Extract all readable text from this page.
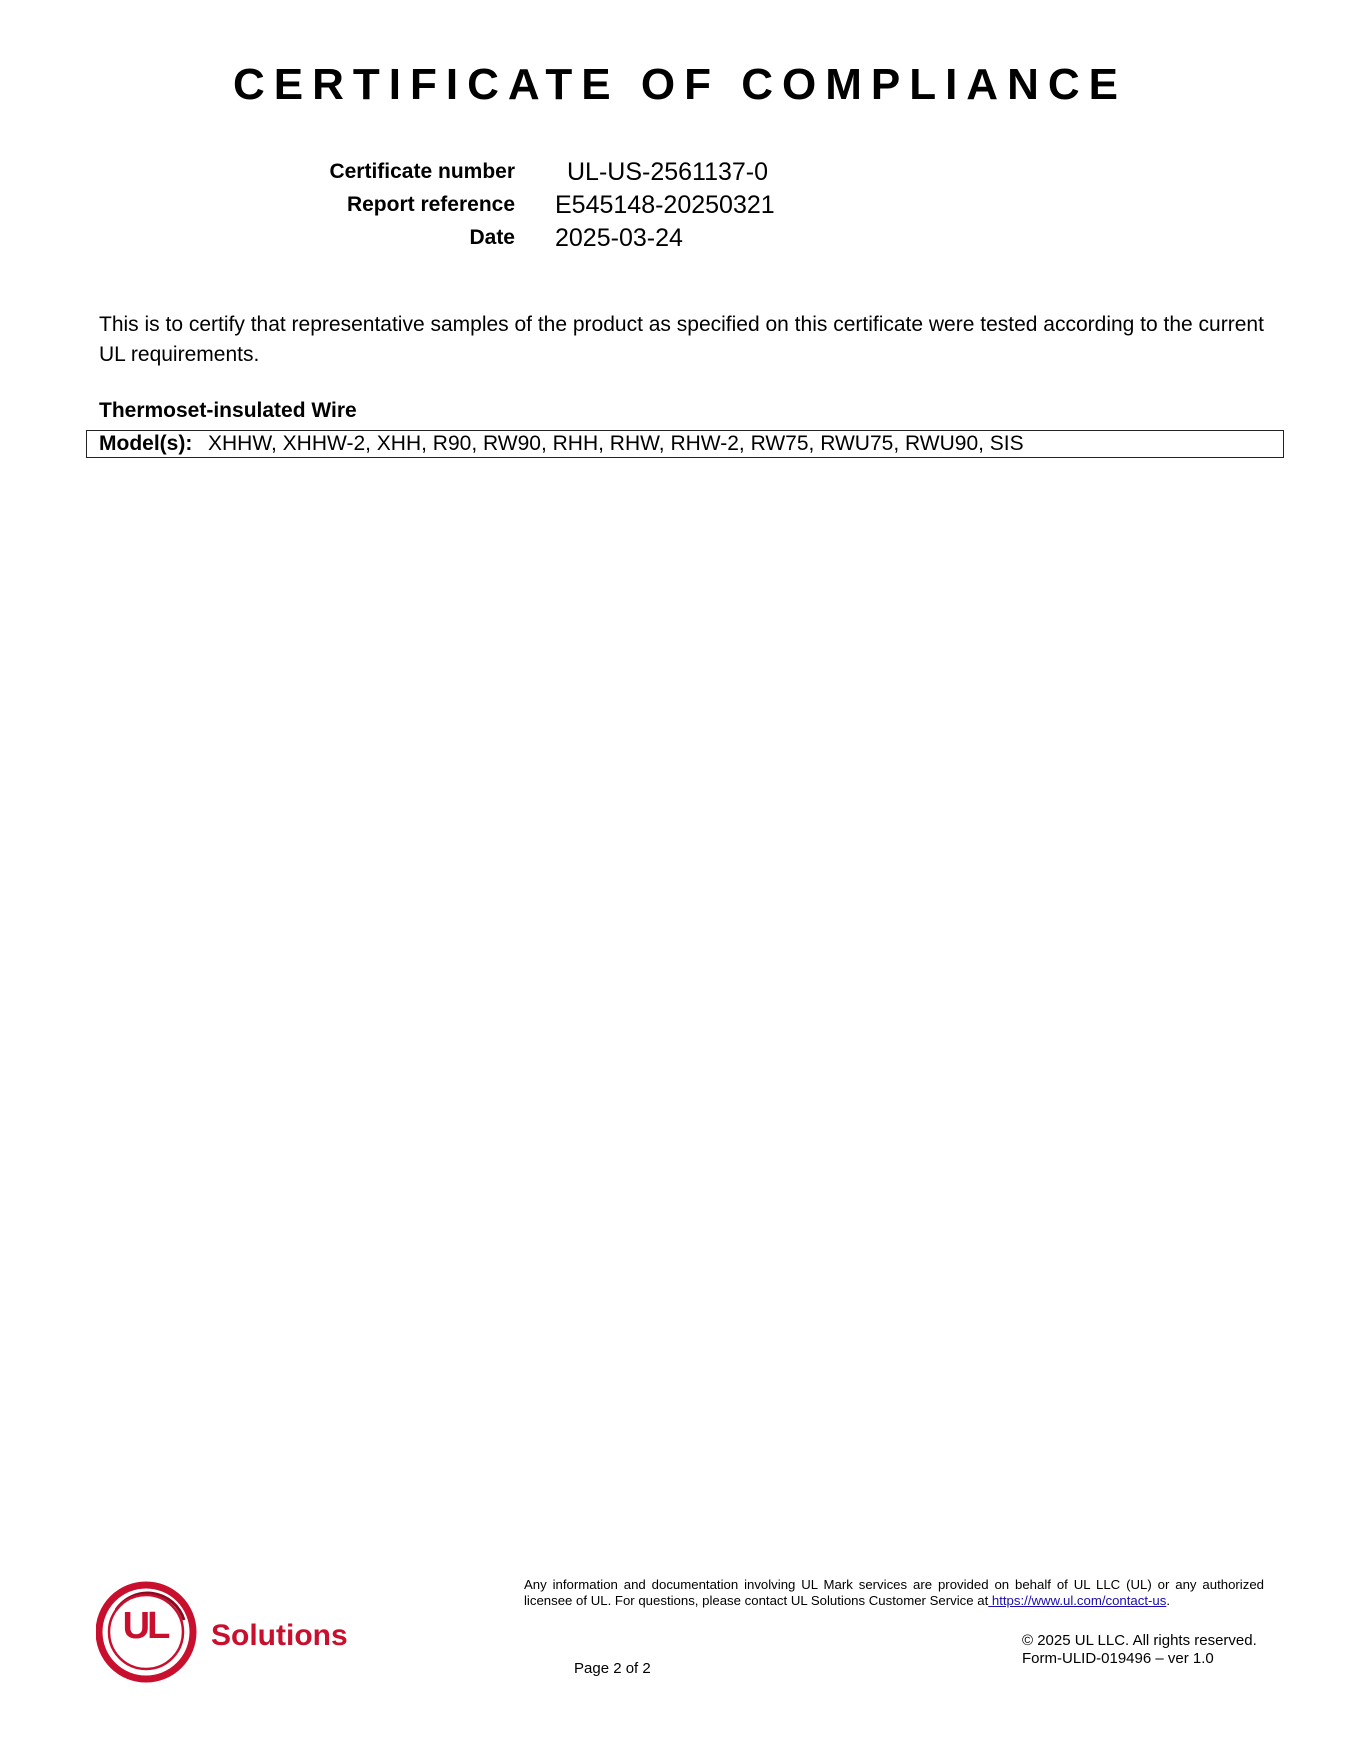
CERTIFICATE OF COMPLIANCE
Certificate number UL-US-2561137-0
Report reference E545148-20250321
Date 2025-03-24
This is to certify that representative samples of the product as specified on this certificate were tested according to the current UL requirements.
Thermoset-insulated Wire
Model(s): XHHW, XHHW-2, XHH, R90, RW90, RHH, RHW, RHW-2, RW75, RWU75, RWU90, SIS
UL Solutions
Any information and documentation involving UL Mark services are provided on behalf of UL LLC (UL) or any authorized licensee of UL. For questions, please contact UL Solutions Customer Service at https://www.ul.com/contact-us.
© 2025 UL LLC. All rights reserved.
Form-ULID-019496 – ver 1.0
Page 2 of 2
